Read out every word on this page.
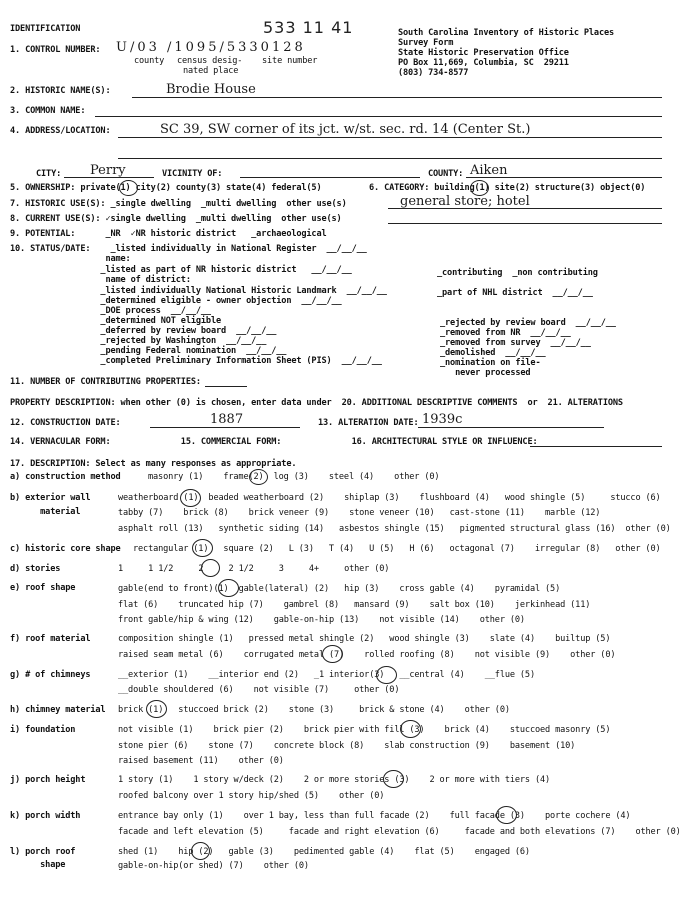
533 11 41
IDENTIFICATION	South Carolina Inventory of Historic Places
Survey Form
State Historic Preservation Office
PO Box 11,669, Columbia, SC  29211
(803) 734-8577
1. CONTROL NUMBER: U/03 /1095/5330128
county census desig-
nated place
site number
2. HISTORIC NAME(S):	Brodie House
3. COMMON NAME:
4. ADDRESS/LOCATION:	SC 39, SW corner of its jct. w/st. sec. rd. 14 (Center St.)
CITY: Perry	VICINITY OF:	COUNTY: Aiken
5. OWNERSHIP: private(1) city(2) county(3) state(4) federal(5)	6. CATEGORY: building(1) site(2) structure(3) object(0)
7. HISTORIC USE(S): _single dwelling  _multi dwelling  other use(s)	general store; hotel
8. CURRENT USE(S): ✓single dwelling  _multi dwelling  other use(s)
9. POTENTIAL:      _NR  ✓NR historic district   _archaeological
10. STATUS/DATE:    _listed individually in National Register  __/__/__
name:
_listed as part of NR historic district   __/__/__
name of district:
_listed individually National Historic Landmark  __/__/__
_determined eligible - owner objection  __/__/__
_DOE process  __/__/__
_determined NOT eligible
_deferred by review board  __/__/__
_rejected by Washington  __/__/__
_pending Federal nomination  __/__/__
_completed Preliminary Information Sheet (PIS)  __/__/__
_contributing  _non contributing
_part of NHL district  __/__/__
_rejected by review board  __/__/__
_removed from NR  __/__/__
_removed from survey  __/__/__
_demolished  __/__/__
_nomination on file-
never processed
11. NUMBER OF CONTRIBUTING PROPERTIES:
PROPERTY DESCRIPTION: when other (0) is chosen, enter data under  20. ADDITIONAL DESCRIPTIVE COMMENTS  or  21. ALTERATIONS
12. CONSTRUCTION DATE:	1887	13. ALTERATION DATE: 1939c
14. VERNACULAR FORM:              15. COMMERCIAL FORM:              16. ARCHITECTURAL STYLE OR INFLUENCE:
17. DESCRIPTION: Select as many responses as appropriate.
a) construction method	masonry (1)    frame(2)  log (3)    steel (4)    other (0)
b) exterior wall
material
weatherboard (1)  beaded weatherboard (2)    shiplap (3)    flushboard (4)   wood shingle (5)     stucco (6)
tabby (7)    brick (8)    brick veneer (9)    stone veneer (10)   cast-stone (11)    marble (12)
asphalt roll (13)   synthetic siding (14)   asbestos shingle (15)   pigmented structural glass (16)  other (0)
c) historic core shape rectangular (1)   square (2)   L (3)   T (4)   U (5)   H (6)   octagonal (7)    irregular (8)   other (0)
d) stories	1     1 1/2     2     2 1/2     3     4+     other (0)
e) roof shape	gable(end to front)(1)  gable(lateral) (2)   hip (3)    cross gable (4)    pyramidal (5)
flat (6)    truncated hip (7)    gambrel (8)   mansard (9)    salt box (10)    jerkinhead (11)
front gable/hip & wing (12)    gable-on-hip (13)    not visible (14)    other (0)
f) roof material	composition shingle (1)   pressed metal shingle (2)   wood shingle (3)    slate (4)    builtup (5)
raised seam metal (6)    corrugated metal (7)    rolled roofing (8)    not visible (9)    other (0)
g) # of chimneys	__exterior (1)    __interior end (2)   _1 interior(3)   __central (4)    __flue (5)
__double shouldered (6)    not visible (7)     other (0)
h) chimney material brick (1)   stuccoed brick (2)    stone (3)     brick & stone (4)    other (0)
i) foundation	not visible (1)    brick pier (2)    brick pier with fill (3)    brick (4)    stuccoed masonry (5)
stone pier (6)    stone (7)    concrete block (8)    slab construction (9)    basement (10)
raised basement (11)    other (0)
j) porch height	1 story (1)    1 story w/deck (2)    2 or more stories (3)    2 or more with tiers (4)
roofed balcony over 1 story hip/shed (5)    other (0)
k) porch width	entrance bay only (1)    over 1 bay, less than full facade (2)    full facade (3)    porte cochere (4)
facade and left elevation (5)     facade and right elevation (6)     facade and both elevations (7)    other (0)
l) porch roof
shape
shed (1)    hip (2)   gable (3)    pedimented gable (4)    flat (5)    engaged (6)
gable-on-hip(or shed) (7)    other (0)
